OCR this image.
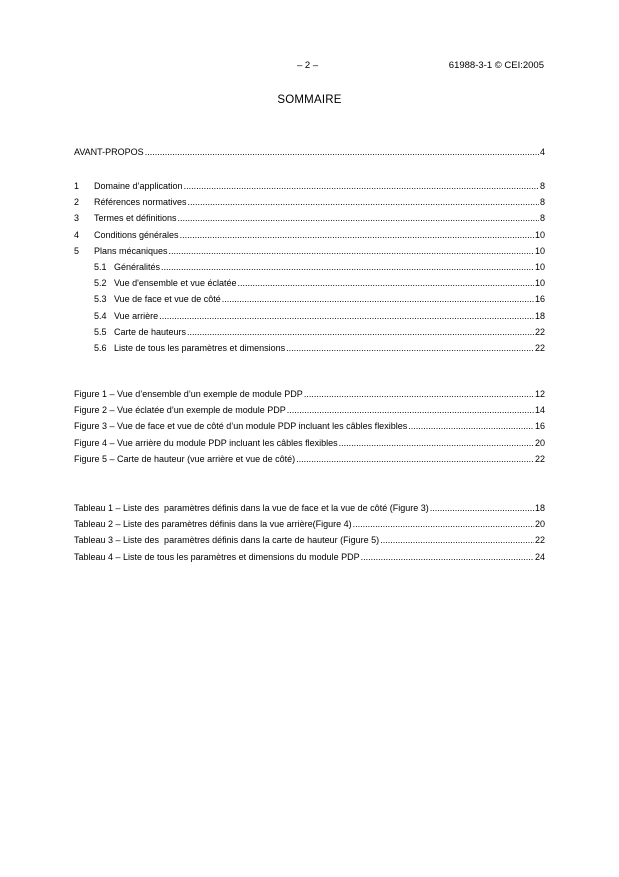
– 2 –	61988-3-1 © CEI:2005
SOMMAIRE
AVANT-PROPOS .....	4
1	Domaine d’application .....	8
2	Références normatives .....	8
3	Termes et définitions .....	8
4	Conditions générales .....	10
5	Plans mécaniques .....	10
5.1 Généralités .....	10
5.2 Vue d'ensemble et vue éclatée .....	10
5.3 Vue de face et vue de côté .....	16
5.4 Vue arrière .....	18
5.5 Carte de hauteurs .....	22
5.6 Liste de tous les paramètres et dimensions .....	22
Figure 1 – Vue d’ensemble d’un exemple de module PDP .....	12
Figure 2 – Vue éclatée d’un exemple de module PDP .....	14
Figure 3 – Vue de face et vue de côté d’un module PDP incluant les câbles flexibles .....	16
Figure 4 – Vue arrière du module PDP incluant les câbles flexibles .....	20
Figure 5 – Carte de hauteur (vue arrière et vue de côté) .....	22
Tableau 1 – Liste des  paramètres définis dans la vue de face et la vue de côté (Figure 3) .....	18
Tableau 2 – Liste des paramètres définis dans la vue arrière(Figure 4) .....	20
Tableau 3 – Liste des  paramètres définis dans la carte de hauteur (Figure 5) .....	22
Tableau 4 – Liste de tous les paramètres et dimensions du module PDP .....	24
